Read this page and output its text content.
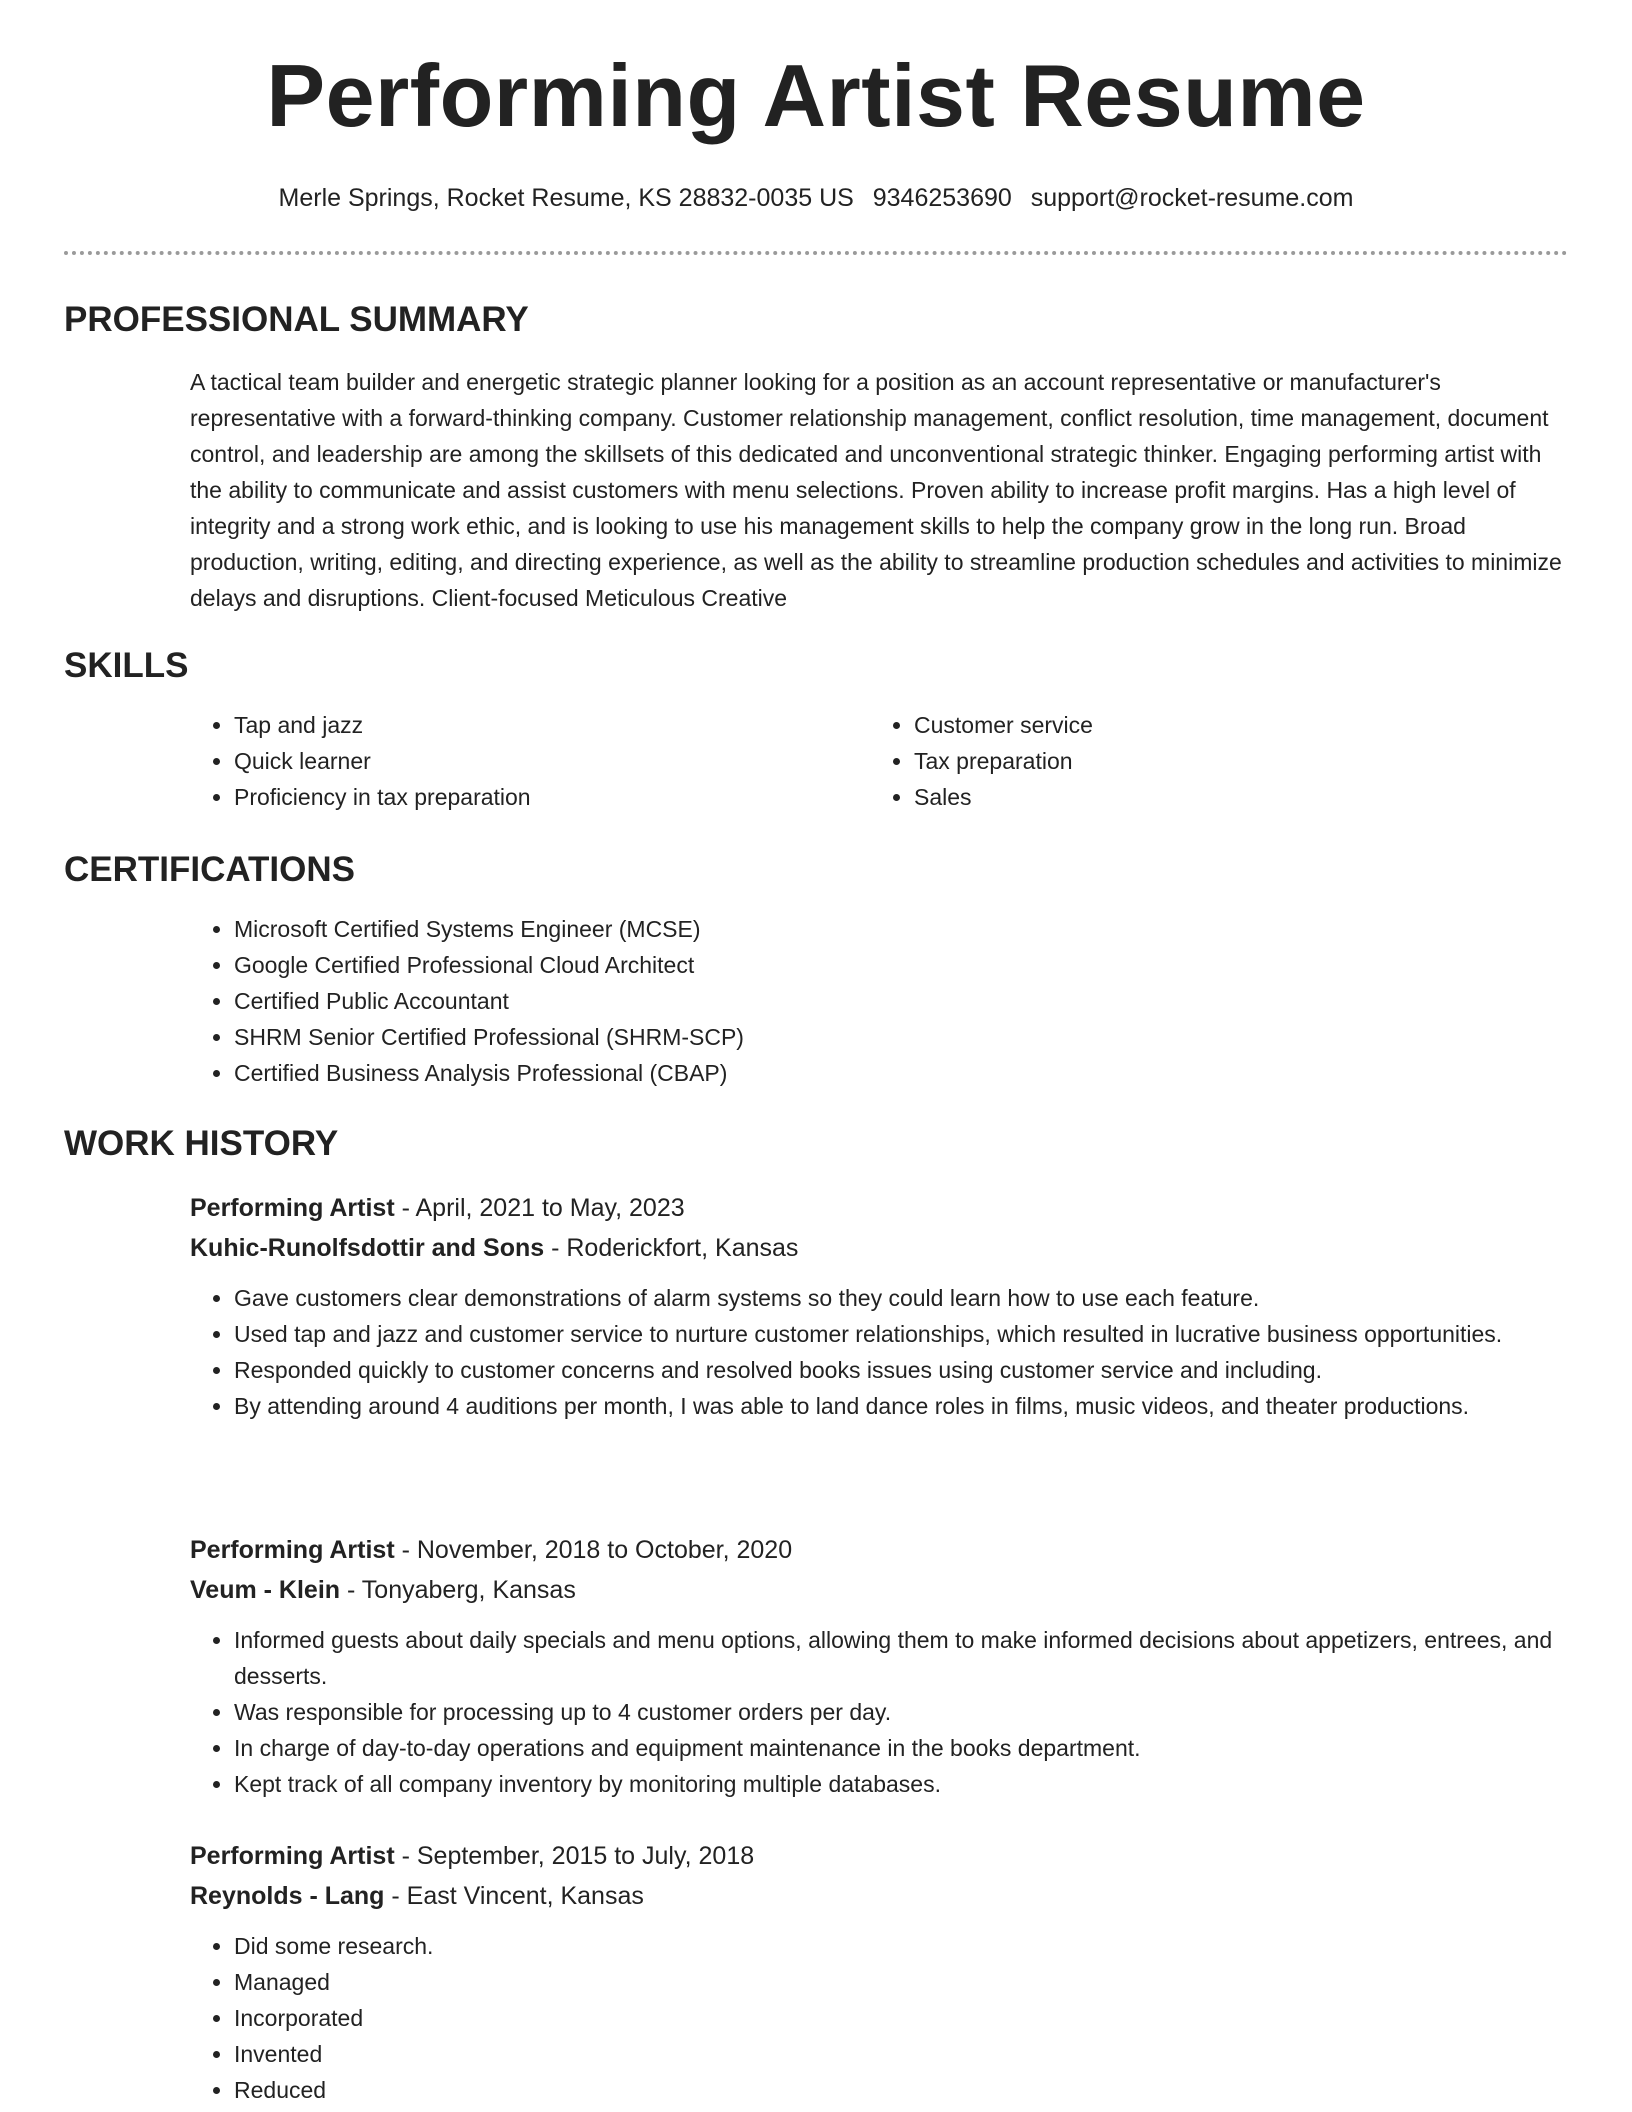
Performing Artist Resume
Merle Springs, Rocket Resume, KS 28832-0035 US 9346253690 support@rocket-resume.com
PROFESSIONAL SUMMARY
A tactical team builder and energetic strategic planner looking for a position as an account representative or manufacturer's representative with a forward-thinking company. Customer relationship management, conflict resolution, time management, document control, and leadership are among the skillsets of this dedicated and unconventional strategic thinker. Engaging performing artist with the ability to communicate and assist customers with menu selections. Proven ability to increase profit margins. Has a high level of integrity and a strong work ethic, and is looking to use his management skills to help the company grow in the long run. Broad production, writing, editing, and directing experience, as well as the ability to streamline production schedules and activities to minimize delays and disruptions. Client-focused Meticulous Creative
SKILLS
• Tap and jazz
• Quick learner
• Proficiency in tax preparation
• Customer service
• Tax preparation
• Sales
CERTIFICATIONS
• Microsoft Certified Systems Engineer (MCSE)
• Google Certified Professional Cloud Architect
• Certified Public Accountant
• SHRM Senior Certified Professional (SHRM-SCP)
• Certified Business Analysis Professional (CBAP)
WORK HISTORY
Performing Artist - April, 2021 to May, 2023
Kuhic-Runolfsdottir and Sons - Roderickfort, Kansas
• Gave customers clear demonstrations of alarm systems so they could learn how to use each feature.
• Used tap and jazz and customer service to nurture customer relationships, which resulted in lucrative business opportunities.
• Responded quickly to customer concerns and resolved books issues using customer service and including.
• By attending around 4 auditions per month, I was able to land dance roles in films, music videos, and theater productions.
Performing Artist - November, 2018 to October, 2020
Veum - Klein - Tonyaberg, Kansas
• Informed guests about daily specials and menu options, allowing them to make informed decisions about appetizers, entrees, and desserts.
• Was responsible for processing up to 4 customer orders per day.
• In charge of day-to-day operations and equipment maintenance in the books department.
• Kept track of all company inventory by monitoring multiple databases.
Performing Artist - September, 2015 to July, 2018
Reynolds - Lang - East Vincent, Kansas
• Did some research.
• Managed
• Incorporated
• Invented
• Reduced
